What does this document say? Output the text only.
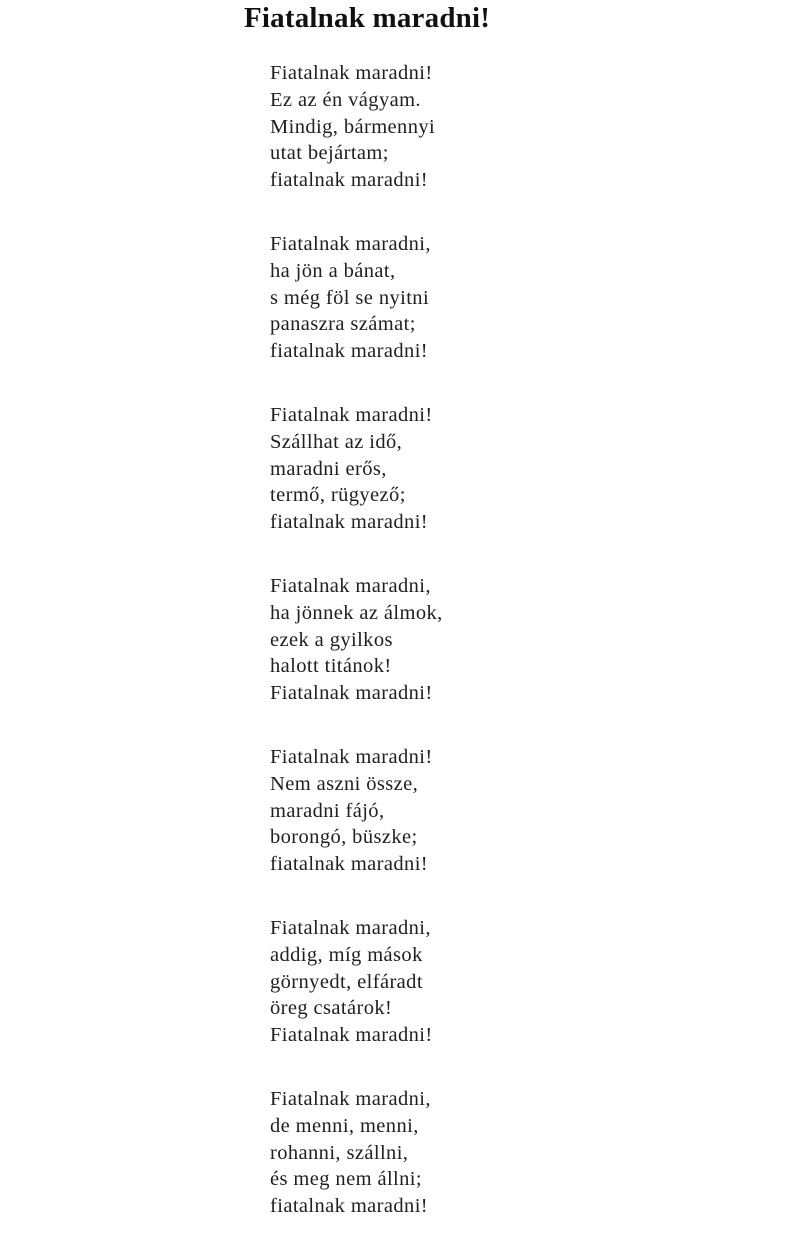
Fiatalnak maradni!
Fiatalnak maradni!
Ez az én vágyam.
Mindig, bármennyi
utat bejártam;
fiatalnak maradni!
Fiatalnak maradni,
ha jön a bánat,
s még föl se nyitni
panaszra számat;
fiatalnak maradni!
Fiatalnak maradni!
Szállhat az idő,
maradni erős,
termő, rügyező;
fiatalnak maradni!
Fiatalnak maradni,
ha jönnek az álmok,
ezek a gyilkos
halott titánok!
Fiatalnak maradni!
Fiatalnak maradni!
Nem aszni össze,
maradni fájó,
borongó, büszke;
fiatalnak maradni!
Fiatalnak maradni,
addig, míg mások
görnyedt, elfáradt
öreg csatárok!
Fiatalnak maradni!
Fiatalnak maradni,
de menni, menni,
rohanni, szállni,
és meg nem állni;
fiatalnak maradni!
